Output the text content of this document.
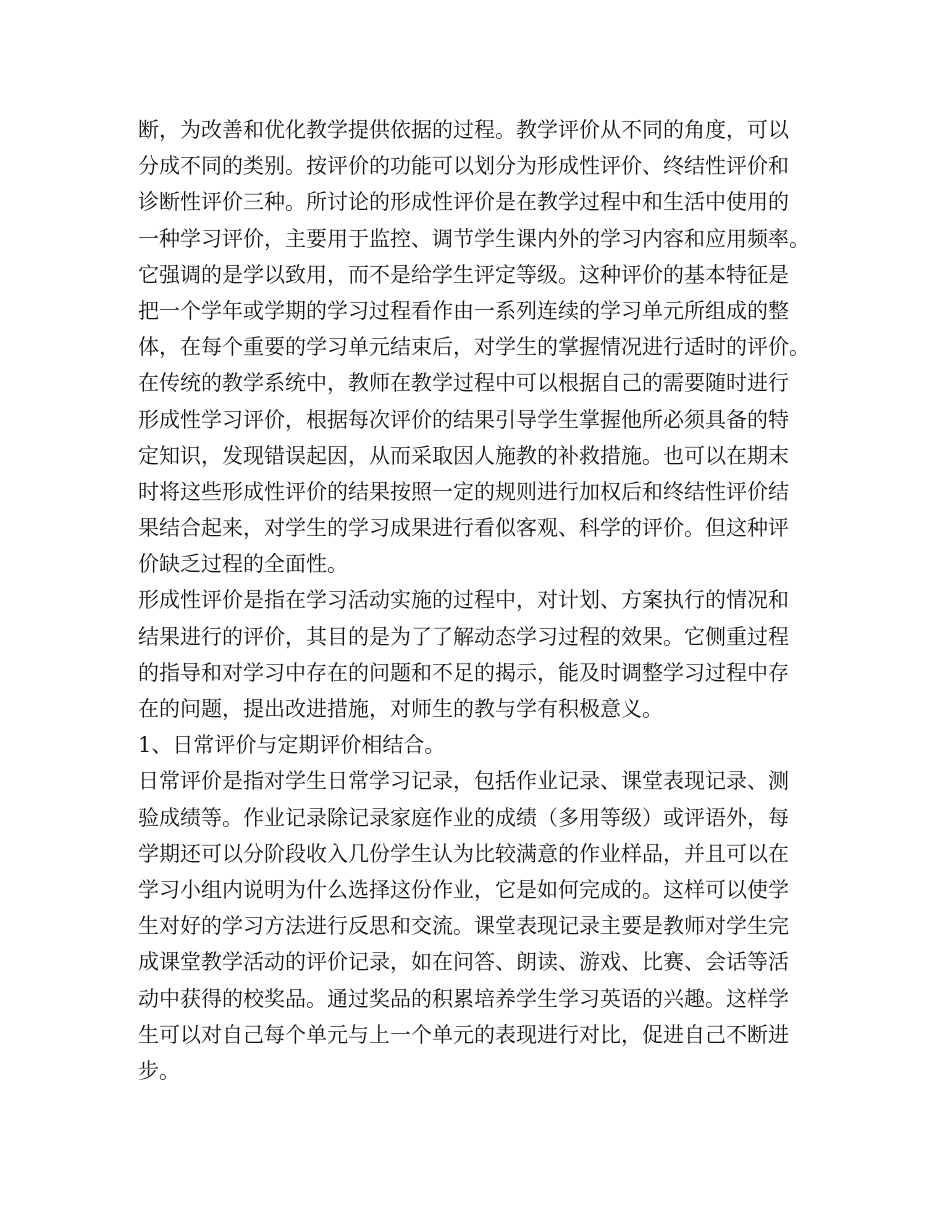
断，为改善和优化教学提供依据的过程。教学评价从不同的角度，可以
分成不同的类别。按评价的功能可以划分为形成性评价、终结性评价和
诊断性评价三种。所讨论的形成性评价是在教学过程中和生活中使用的
一种学习评价，主要用于监控、调节学生课内外的学习内容和应用频率。
它强调的是学以致用，而不是给学生评定等级。这种评价的基本特征是
把一个学年或学期的学习过程看作由一系列连续的学习单元所组成的整
体，在每个重要的学习单元结束后，对学生的掌握情况进行适时的评价。
在传统的教学系统中，教师在教学过程中可以根据自己的需要随时进行
形成性学习评价，根据每次评价的结果引导学生掌握他所必须具备的特
定知识，发现错误起因，从而采取因人施教的补救措施。也可以在期末
时将这些形成性评价的结果按照一定的规则进行加权后和终结性评价结
果结合起来，对学生的学习成果进行看似客观、科学的评价。但这种评
价缺乏过程的全面性。
形成性评价是指在学习活动实施的过程中，对计划、方案执行的情况和
结果进行的评价，其目的是为了了解动态学习过程的效果。它侧重过程
的指导和对学习中存在的问题和不足的揭示，能及时调整学习过程中存
在的问题，提出改进措施，对师生的教与学有积极意义。
1、日常评价与定期评价相结合。
日常评价是指对学生日常学习记录，包括作业记录、课堂表现记录、测
验成绩等。作业记录除记录家庭作业的成绩（多用等级）或评语外，每
学期还可以分阶段收入几份学生认为比较满意的作业样品，并且可以在
学习小组内说明为什么选择这份作业，它是如何完成的。这样可以使学
生对好的学习方法进行反思和交流。课堂表现记录主要是教师对学生完
成课堂教学活动的评价记录，如在问答、朗读、游戏、比赛、会话等活
动中获得的校奖品。通过奖品的积累培养学生学习英语的兴趣。这样学
生可以对自己每个单元与上一个单元的表现进行对比，促进自己不断进
步。
